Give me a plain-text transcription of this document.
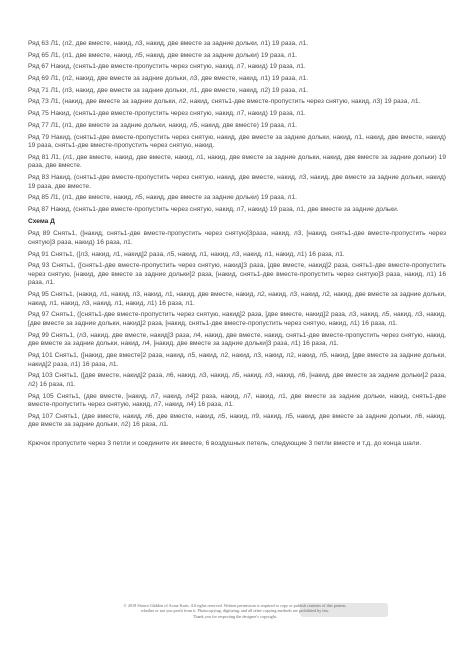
Ряд 63 Л1, (л2, две вместе, накид, л3, накид, две вместе за задние дольки, л1) 19 раза, л1.
Ряд 65 Л1, (л1, две вместе, накид, л5, накид, две вместе за задние дольки) 19 раза, л1.
Ряд 67 Накид, (снять1-две вместе-пропустить через снятую, накид, л7, накид) 19 раза, л1.
Ряд 69 Л1, (л2, накид, две вместе за задние дольки, л3, две вместе, накид, л1) 19 раза, л1.
Ряд 71 Л1, (л3, накид, две вместе за задние дольки, л1, две вместе, накид, л2) 19 раза, л1.
Ряд 73 Л1, (накид, две вместе за задние дольки, л2, накид, снять1-две вместе-пропустить через снятую, накид, л3) 19 раза, л1.
Ряд 75 Накид, (снять1-две вместе-пропустить через снятую, накид, л7, накид) 19 раза, л1.
Ряд 77 Л1, (л1, две вместе за задние дольки, накид, л5, накид, две вместе) 19 раза, л1.
Ряд 79 Накид, (снять1-две вместе-пропустить через снятую, накид, две вместе за задние дольки, накид, л1, накид, две вместе, накид) 19 раза, снять1-две вместе-пропустить через снятую, накид.
Ряд 81 Л1, (л1, две вместе, накид, две вместе, накид, л1, накид, две вместе за задние дольки, накид, две вместе за задние дольки) 19 раза, две вместе.
Ряд 83 Накид, (снять1-две вместе-пропустить через снятую, накид, две вместе, накид, л3, накид, две вместе за задние дольки, накид) 19 раза, две вместе.
Ряд 85 Л1, (л1, две вместе, накид, л5, накид, две вместе за задние дольки) 19 раза, л1.
Ряд 87 Накид, (снять1-две вместе-пропустить через снятую, накид, л7, накид) 19 раза, л1, две вместе за задние дольки.
Схема Д
Ряд 89 Снять1, ([накид, снять1-две вместе-пропустить через снятую]3раза, накид, л3, [накид, снять1-две вместе-пропустить через снятую]3 раза, накид) 16 раза, л1.
Ряд 91 Снять1, ([л3, накид, л1, накид]2 раза, л5, накид, л1, накид, л3, накид, л1, накид, л1) 16 раза, л1.
Ряд 93 Снять1, ([снять1-две вместе-пропустить через снятую, накид]3 раза, [две вместе, накид]2 раза, снять1-две вместе-пропустить через снятую, [накид, две вместе за задние дольки]2 раза, [накид, снять1-две вместе-пропустить через снятую]3 раза, накид, л1) 16 раза, л1.
Ряд 95 Снять1, (накид, л1, накид, л3, накид, л1, накид, две вместе, накид, л2, накид, л3, накид, л2, накид, две вместе за задние дольки, накид, л1, накид, л3, накид, л1, накид, л1) 16 раза, л1.
Ряд 97 Снять1, ([снять1-две вместе-пропустить через снятую, накид]2 раза, [две вместе, накид]2 раза, л3, накид, л5, накид, л3, накид, [две вместе за задние дольки, накид]2 раза, [накид, снять1-две вместе-пропустить через снятую, накид, л1) 16 раза, л1.
Ряд 99 Снять1, (л3, накид, две вместе, накид]3 раза, л4, накид, две вместе, накид, снять1-две вместе-пропустить через снятую, накид, две вместе за задние дольки, накид, л4, [накид, две вместе за задние дольки]3 раза, л1) 16 раза, л1.
Ряд 101 Снять1, ([накид, две вместе]2 раза, накид, л5, накид, л2, накид, л3, накид, л2, накид, л5, накид, [две вместе за задние дольки, накид]2 раза, л1) 16 раза, л1.
Ряд 103 Снять1, ([две вместе, накид]2 раза, л6, накид, л3, накид, л5, накид, л3, накид, л6, [накид, две вместе за задние дольки]2 раза, л2) 16 раза, л1.
Ряд 105 Снять1, (две вместе, [накид, л7, накид, л4]2 раза, накид, л7, накид, л1, две вместе за задние дольки, накид, снять1-две вместе-пропустить через снятую, накид, л7, накид, л4) 16 раза, л1.
Ряд 107 Снять1, (две вместе, накид, л6, две вместе, накид, л5, накид, л9, накид, л5, накид, две вместе за задние дольки, л6, накид, две вместе за задние дольки, л2) 16 раза, л1.
Крючок пропустите через 3 петли и соедините их вместе, 6 воздушных петель, следующие 3 петли вместе и т.д. до конца шали.
© 2018 Shawn Glidden of Acme Knits. All rights reserved. Written permission is required to copy or publish contents of this pattern,
whether or not you profit from it. Photocopying, digitizing, and all other copying methods are prohibited by law.
Thank you for respecting the designer's copyright.
